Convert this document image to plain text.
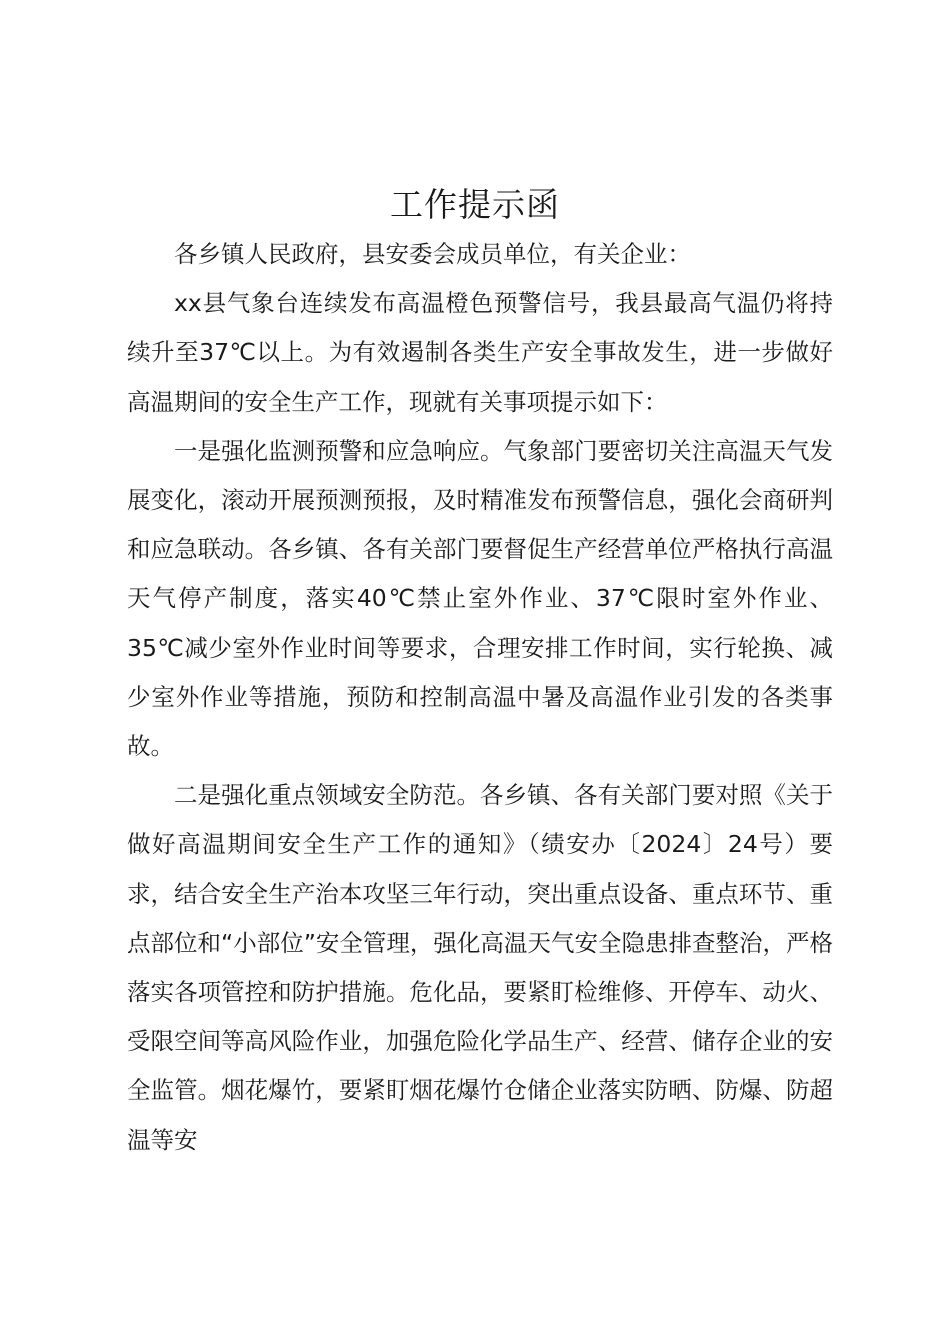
工作提示函

各乡镇人民政府，县安委会成员单位，有关企业：

xx县气象台连续发布高温橙色预警信号，我县最高气温仍将持续升至37℃以上。为有效遏制各类生产安全事故发生，进一步做好高温期间的安全生产工作，现就有关事项提示如下：

一是强化监测预警和应急响应。气象部门要密切关注高温天气发展变化，滚动开展预测预报，及时精准发布预警信息，强化会商研判和应急联动。各乡镇、各有关部门要督促生产经营单位严格执行高温天气停产制度，落实40℃禁止室外作业、37℃限时室外作业、35℃减少室外作业时间等要求，合理安排工作时间，实行轮换、减少室外作业等措施，预防和控制高温中暑及高温作业引发的各类事故。

二是强化重点领域安全防范。各乡镇、各有关部门要对照《关于做好高温期间安全生产工作的通知》（绩安办〔2024〕24号）要求，结合安全生产治本攻坚三年行动，突出重点设备、重点环节、重点部位和“小部位”安全管理，强化高温天气安全隐患排查整治，严格落实各项管控和防护措施。危化品，要紧盯检维修、开停车、动火、受限空间等高风险作业，加强危险化学品生产、经营、储存企业的安全监管。烟花爆竹，要紧盯烟花爆竹仓储企业落实防晒、防爆、防超温等安
